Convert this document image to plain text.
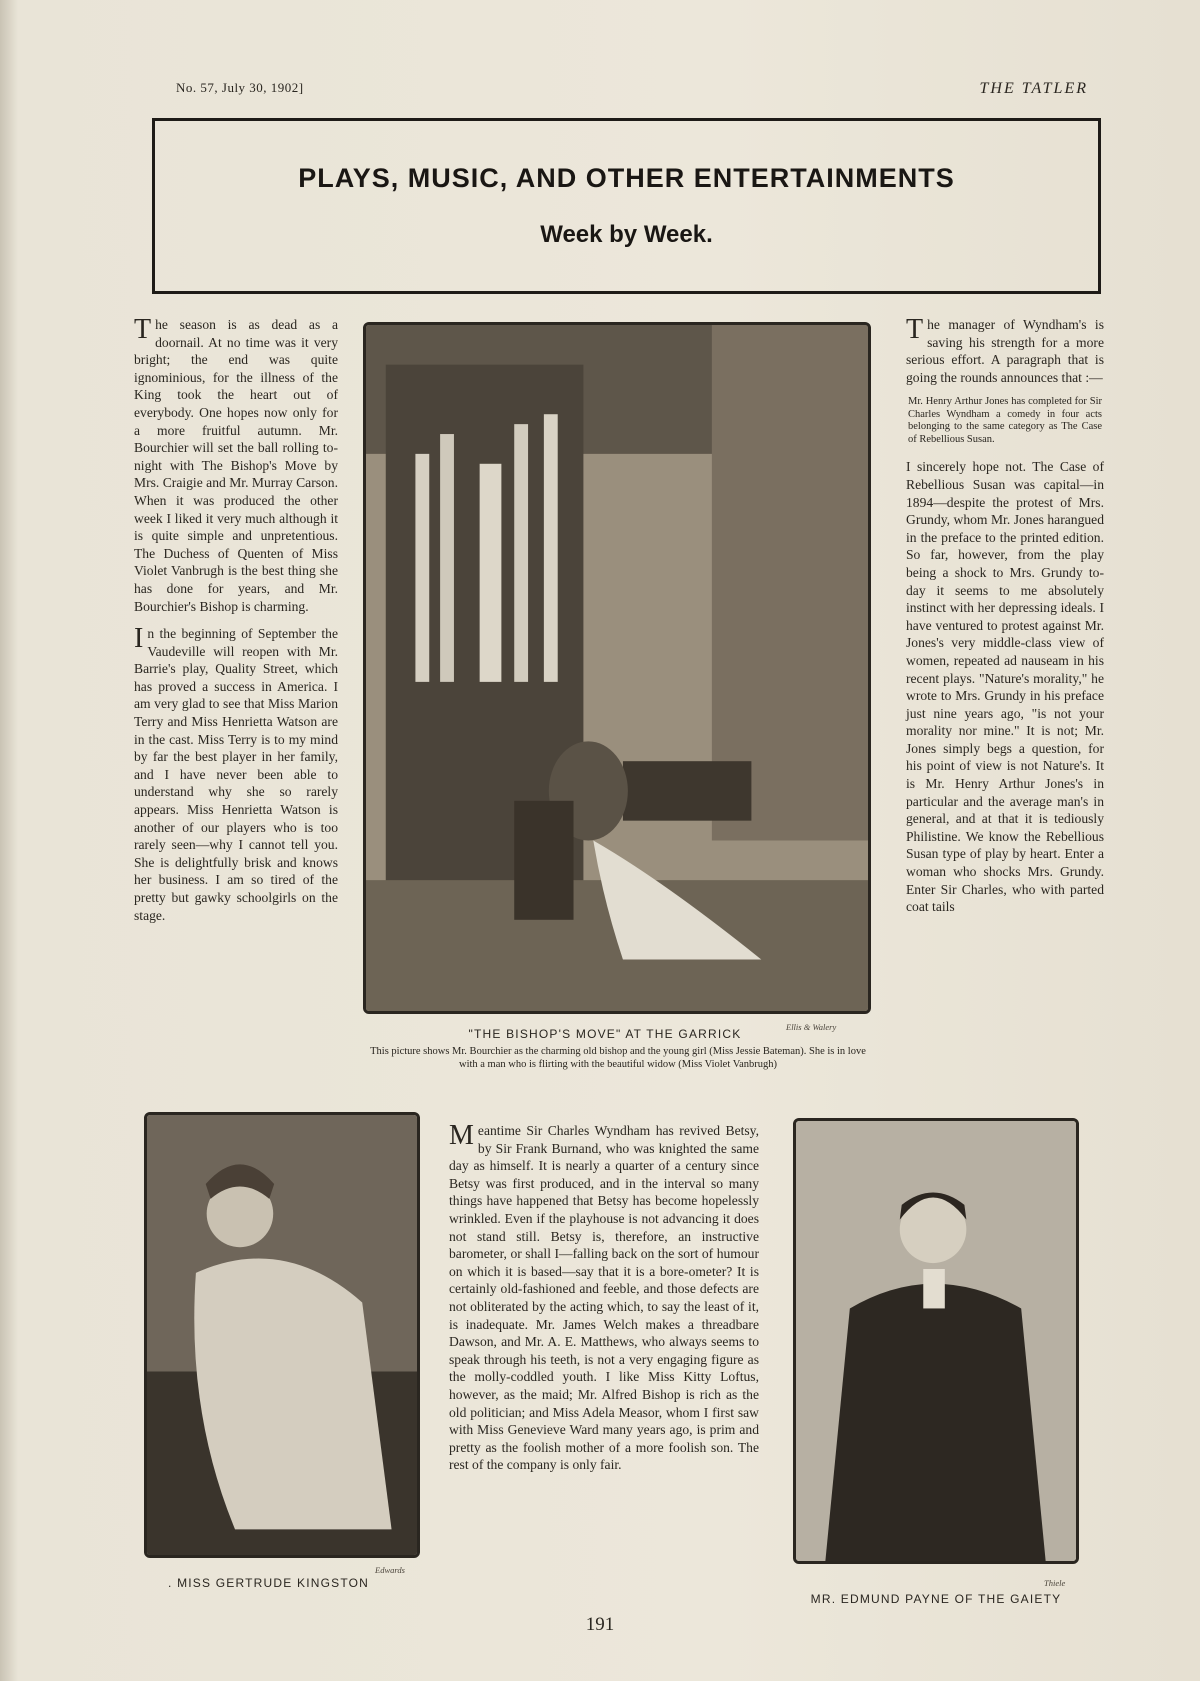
No. 57, July 30, 1902]	THE TATLER
PLAYS, MUSIC, AND OTHER ENTERTAINMENTS
Week by Week.

The season is as dead as a doornail. At no time was it very bright; the end was quite ignominious, for the illness of the King took the heart out of everybody. One hopes now only for a more fruitful autumn. Mr. Bourchier will set the ball rolling to-night with The Bishop's Move by Mrs. Craigie and Mr. Murray Carson. When it was produced the other week I liked it very much although it is quite simple and unpretentious. The Duchess of Quenten of Miss Violet Vanbrugh is the best thing she has done for years, and Mr. Bourchier's Bishop is charming.

In the beginning of September the Vaudeville will reopen with Mr. Barrie's play, Quality Street, which has proved a success in America. I am very glad to see that Miss Marion Terry and Miss Henrietta Watson are in the cast. Miss Terry is to my mind by far the best player in her family, and I have never been able to understand why she so rarely appears. Miss Henrietta Watson is another of our players who is too rarely seen—why I cannot tell you. She is delightfully brisk and knows her business. I am so tired of the pretty but gawky schoolgirls on the stage.

"THE BISHOP'S MOVE" AT THE GARRICK	Ellis & Walery
This picture shows Mr. Bourchier as the charming old bishop and the young girl (Miss Jessie Bateman). She is in love with a man who is flirting with the beautiful widow (Miss Violet Vanbrugh)

The manager of Wyndham's is saving his strength for a more serious effort. A paragraph that is going the rounds announces that :—

Mr. Henry Arthur Jones has completed for Sir Charles Wyndham a comedy in four acts belonging to the same category as The Case of Rebellious Susan.

I sincerely hope not. The Case of Rebellious Susan was capital—in 1894—despite the protest of Mrs. Grundy, whom Mr. Jones harangued in the preface to the printed edition. So far, however, from the play being a shock to Mrs. Grundy to-day it seems to me absolutely instinct with her depressing ideals. I have ventured to protest against Mr. Jones's very middle-class view of women, repeated ad nauseam in his recent plays. "Nature's morality," he wrote to Mrs. Grundy in his preface just nine years ago, "is not your morality nor mine." It is not; Mr. Jones simply begs a question, for his point of view is not Nature's. It is Mr. Henry Arthur Jones's in particular and the average man's in general, and at that it is tediously Philistine. We know the Rebellious Susan type of play by heart. Enter a woman who shocks Mrs. Grundy. Enter Sir Charles, who with parted coat tails

. MISS GERTRUDE KINGSTON
Edwards

Meantime Sir Charles Wyndham has revived Betsy, by Sir Frank Burnand, who was knighted the same day as himself. It is nearly a quarter of a century since Betsy was first produced, and in the interval so many things have happened that Betsy has become hopelessly wrinkled. Even if the playhouse is not advancing it does not stand still. Betsy is, therefore, an instructive barometer, or shall I—falling back on the sort of humour on which it is based—say that it is a bore-ometer? It is certainly old-fashioned and feeble, and those defects are not obliterated by the acting which, to say the least of it, is inadequate. Mr. James Welch makes a threadbare Dawson, and Mr. A. E. Matthews, who always seems to speak through his teeth, is not a very engaging figure as the molly-coddled youth. I like Miss Kitty Loftus, however, as the maid; Mr. Alfred Bishop is rich as the old politician; and Miss Adela Measor, whom I first saw with Miss Genevieve Ward many years ago, is prim and pretty as the foolish mother of a more foolish son. The rest of the company is only fair.

MR. EDMUND PAYNE OF THE GAIETY
Thiele
191
